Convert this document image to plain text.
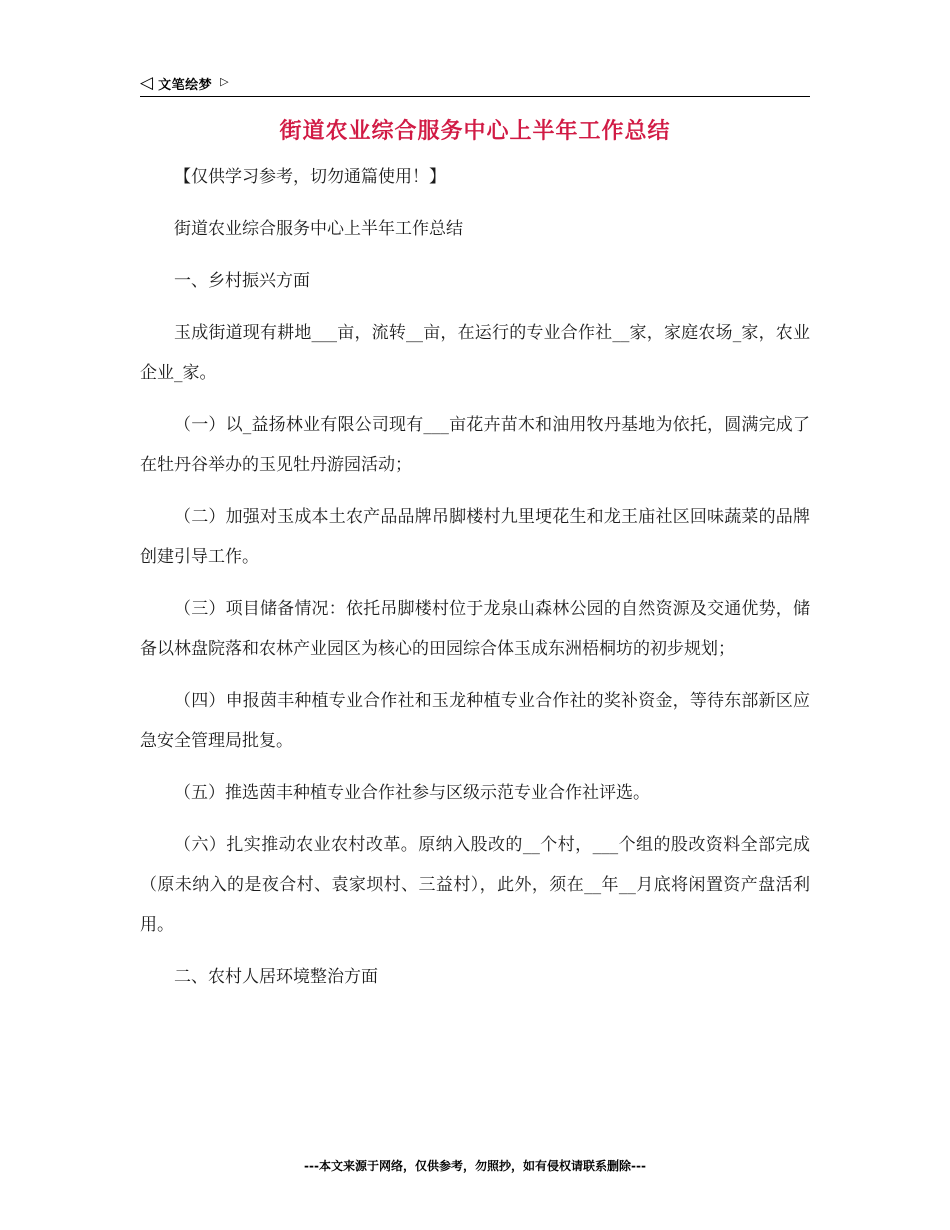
◁ 文笔绘梦 ▷
街道农业综合服务中心上半年工作总结

【仅供学习参考，切勿通篇使用！】

街道农业综合服务中心上半年工作总结

一、乡村振兴方面

玉成街道现有耕地___亩，流转__亩，在运行的专业合作社__家，家庭农场_家，农业企业_家。

（一）以_益扬林业有限公司现有___亩花卉苗木和油用牧丹基地为依托，圆满完成了在牡丹谷举办的玉见牡丹游园活动；

（二）加强对玉成本土农产品品牌吊脚楼村九里埂花生和龙王庙社区回味蔬菜的品牌创建引导工作。

（三）项目储备情况：依托吊脚楼村位于龙泉山森林公园的自然资源及交通优势，储备以林盘院落和农林产业园区为核心的田园综合体玉成东洲梧桐坊的初步规划；

（四）申报茵丰种植专业合作社和玉龙种植专业合作社的奖补资金，等待东部新区应急安全管理局批复。

（五）推选茵丰种植专业合作社参与区级示范专业合作社评选。

（六）扎实推动农业农村改革。原纳入股改的__个村，___个组的股改资料全部完成（原未纳入的是夜合村、袁家坝村、三益村），此外，须在__年__月底将闲置资产盘活利用。

二、农村人居环境整治方面

---本文来源于网络，仅供参考，勿照抄，如有侵权请联系删除---
